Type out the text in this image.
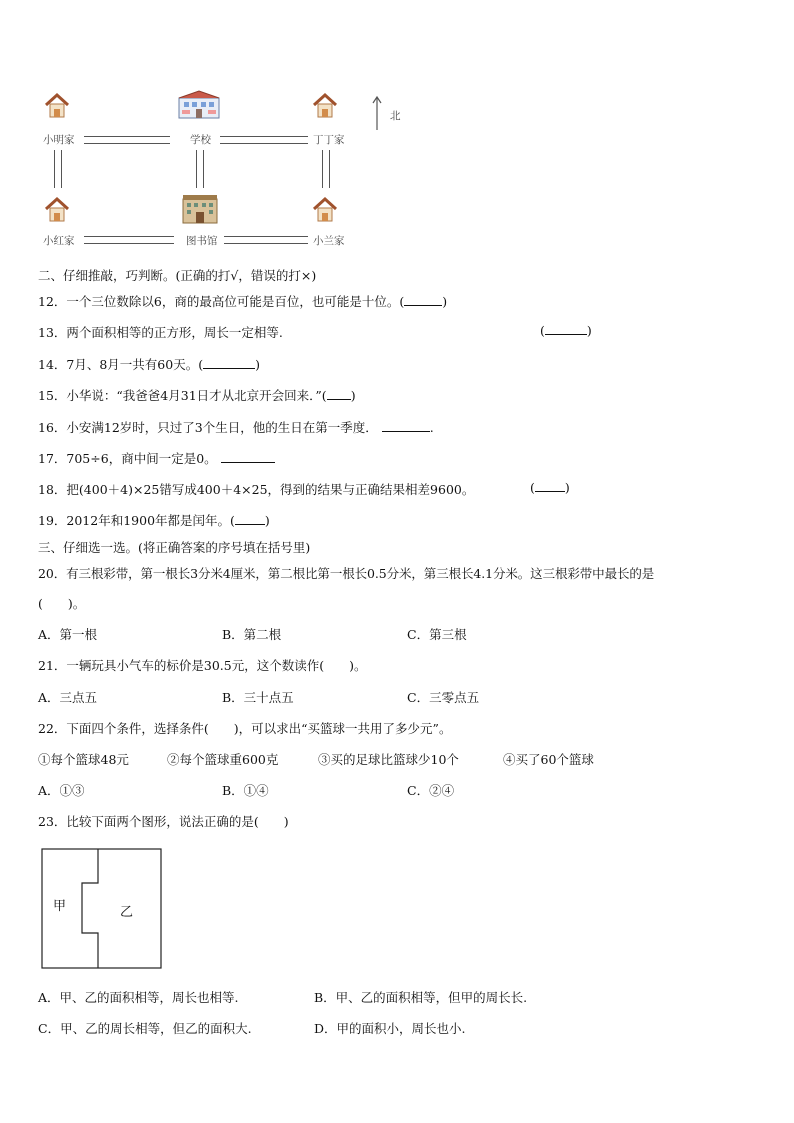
小明家	学校	丁丁家
小红家	图书馆	小兰家
北
二、仔细推敲，巧判断。(正确的打√，错误的打×)
12．一个三位数除以6，商的最高位可能是百位，也可能是十位。(	)
13．两个面积相等的正方形，周长一定相等.	(	)
14．7月、8月一共有60天。(	)
15．小华说：“我爸爸4月31日才从北京开会回来．”( )
16．小安满12岁时，只过了3个生日，他的生日在第一季度．	.
17．705÷6，商中间一定是0。
18．把(400＋4)×25错写成400＋4×25，得到的结果与正确结果相差9600。	( )
19．2012年和1900年都是闰年。( )
三、仔细选一选。(将正确答案的序号填在括号里)
20．有三根彩带，第一根长3分米4厘米，第二根比第一根长0.5分米，第三根长4.1分米。这三根彩带中最长的是
(　　)。
A．第一根	B．第二根	C．第三根
21．一辆玩具小气车的标价是30.5元，这个数读作(　　)。
A．三点五	B．三十点五	C．三零点五
22．下面四个条件，选择条件(　　)，可以求出“买篮球一共用了多少元”。
①每个篮球48元	②每个篮球重600克	③买的足球比篮球少10个	④买了60个篮球
A．①③	B．①④	C．②④
23．比较下面两个图形，说法正确的是(　　)
甲	乙
A．甲、乙的面积相等，周长也相等.	B．甲、乙的面积相等，但甲的周长长.
C．甲、乙的周长相等，但乙的面积大.	D．甲的面积小，周长也小.
